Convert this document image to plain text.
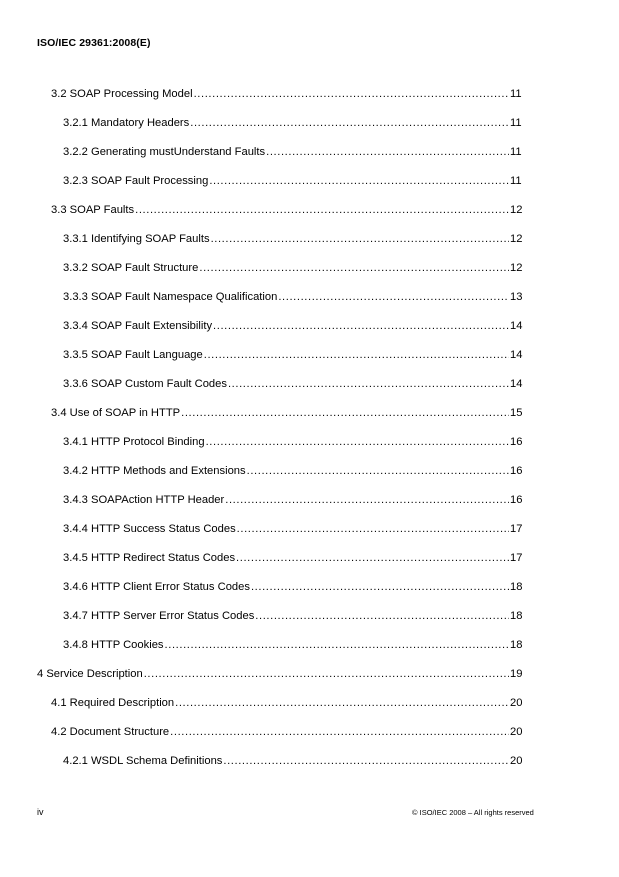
ISO/IEC 29361:2008(E)
3.2 SOAP Processing Model .....	11
3.2.1 Mandatory Headers .....	11
3.2.2 Generating mustUnderstand Faults .....	11
3.2.3 SOAP Fault Processing .....	11
3.3 SOAP Faults .....	12
3.3.1 Identifying SOAP Faults .....	12
3.3.2 SOAP Fault Structure .....	12
3.3.3 SOAP Fault Namespace Qualification .....	13
3.3.4 SOAP Fault Extensibility .....	14
3.3.5 SOAP Fault Language .....	14
3.3.6 SOAP Custom Fault Codes .....	14
3.4 Use of SOAP in HTTP .....	15
3.4.1 HTTP Protocol Binding .....	16
3.4.2 HTTP Methods and Extensions .....	16
3.4.3 SOAPAction HTTP Header .....	16
3.4.4 HTTP Success Status Codes .....	17
3.4.5 HTTP Redirect Status Codes .....	17
3.4.6 HTTP Client Error Status Codes .....	18
3.4.7 HTTP Server Error Status Codes .....	18
3.4.8 HTTP Cookies .....	18
4 Service Description .....	19
4.1 Required Description .....	20
4.2 Document Structure .....	20
4.2.1 WSDL Schema Definitions .....	20
iv	© ISO/IEC 2008 – All rights reserved
